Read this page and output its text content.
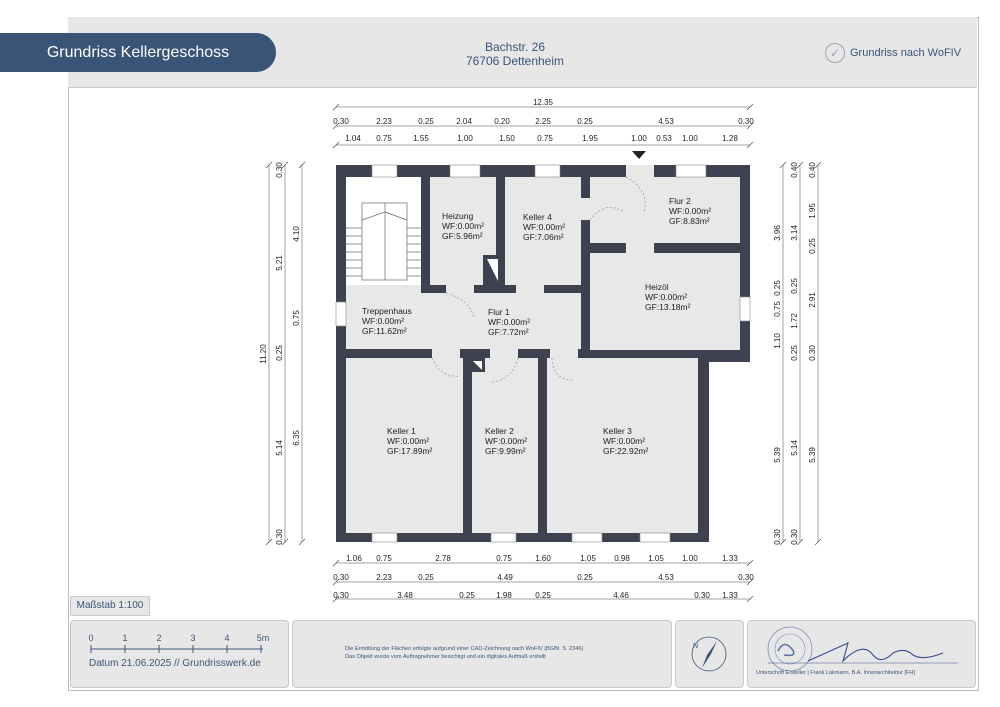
Grundriss Kellergeschoss	Bachstr. 26
76706 Dettenheim
✓ Grundriss nach WoFIV
Treppenhaus
WF:0.00m²
GF:11.62m²
Heizung
WF:0.00m²
GF:5.96m²
Keller 4
WF:0.00m²
GF:7.06m²
Flur 2
WF:0.00m²
GF:8.83m²
Heizöl
WF:0.00m²
GF:13.18m²
Flur 1
WF:0.00m²
GF:7.72m²
Keller 1
WF:0.00m²
GF:17.89m²
Keller 2
WF:0.00m²
GF:9.99m²
Keller 3
WF:0.00m²
GF:22.92m²
12.35
0.30	2.23	0.25	2.04	0.20	2.25	0.25	4.53	0.30
1.04 0.75	1.55	1.00	1.50	0.75	1.95	1.00 0.53 1.00	1.28
1.06 0.75	2.78	0.75	1.60	1.05 0.98 1.05 1.00	1.33
0.30	2.23	0.25	4.49	0.25	4.53	0.30
0.30	3.48	0.25	1.98	0.25	4.46	0.30 1.33
11.20
5.21
0.25
5.14
0.30
0.30
4.10
0.75
6.35
3.96
1.10
5.39
0.30
0.40
3.14
0.25
1.72
0.25
5.14
0.30
0.40
1.95
0.25
2.91
0.30
5.39
0.25
0.75
Maßstab 1:100
0	1	2	3	4	5m
Datum 21.06.2025 // Grundrisswerk.de
Die Ermittlung der Flächen erfolgte aufgrund einer CAD-Zeichnung nach WoFIV (BGBl. S. 2346)
Das Objekt wurde vom Auftragnehmer besichtigt und ein digitales Aufmaß erstellt
N
Unterschrift Ersteller | Frank Lakmann, B.A. Innenarchitektur [FH]
